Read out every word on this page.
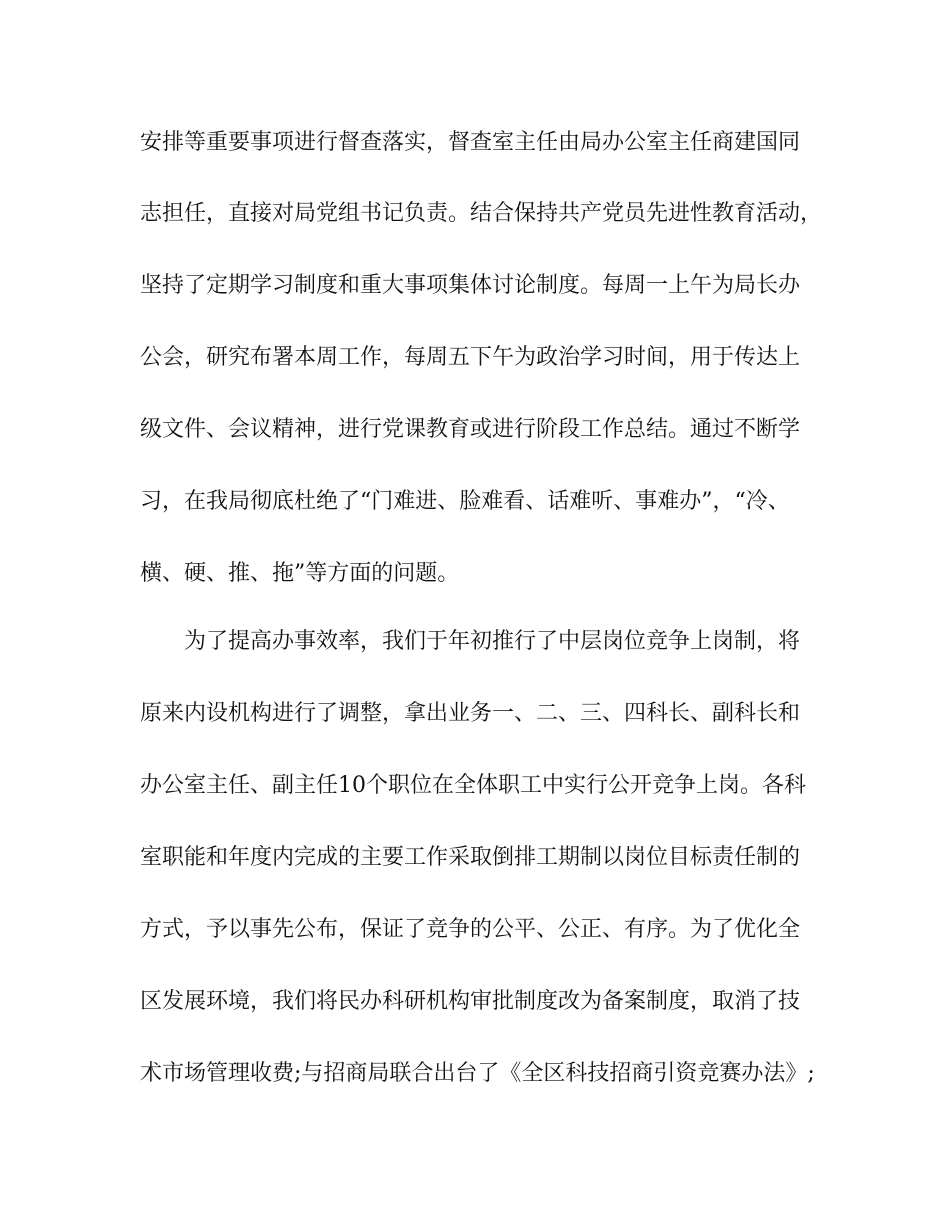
安排等重要事项进行督查落实，督查室主任由局办公室主任商建国同
志担任，直接对局党组书记负责。结合保持共产党员先进性教育活动，
坚持了定期学习制度和重大事项集体讨论制度。每周一上午为局长办
公会，研究布署本周工作，每周五下午为政治学习时间，用于传达上
级文件、会议精神，进行党课教育或进行阶段工作总结。通过不断学
习，在我局彻底杜绝了“门难进、脸难看、话难听、事难办”，“冷、
横、硬、推、拖”等方面的问题。
为了提高办事效率，我们于年初推行了中层岗位竞争上岗制，将
原来内设机构进行了调整，拿出业务一、二、三、四科长、副科长和
办公室主任、副主任10个职位在全体职工中实行公开竞争上岗。各科
室职能和年度内完成的主要工作采取倒排工期制以岗位目标责任制的
方式，予以事先公布，保证了竞争的公平、公正、有序。为了优化全
区发展环境，我们将民办科研机构审批制度改为备案制度，取消了技
术市场管理收费;与招商局联合出台了《全区科技招商引资竞赛办法》;
